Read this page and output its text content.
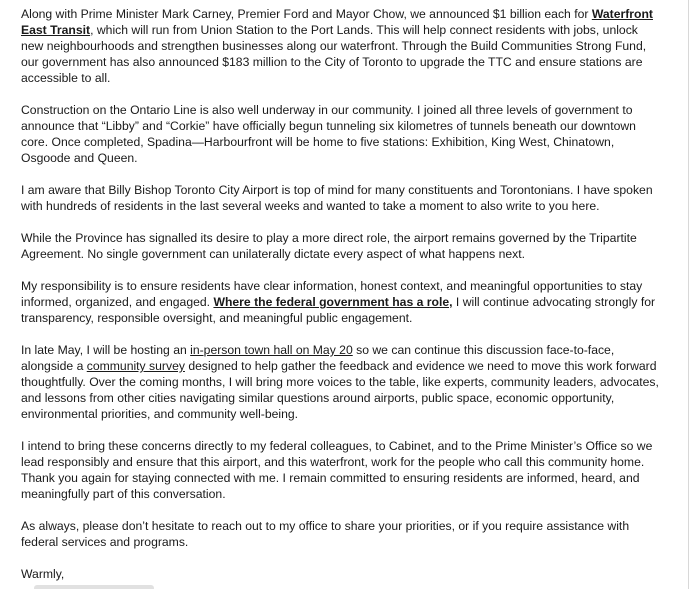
Along with Prime Minister Mark Carney, Premier Ford and Mayor Chow, we announced $1 billion each for Waterfront East Transit, which will run from Union Station to the Port Lands. This will help connect residents with jobs, unlock new neighbourhoods and strengthen businesses along our waterfront. Through the Build Communities Strong Fund, our government has also announced $183 million to the City of Toronto to upgrade the TTC and ensure stations are accessible to all.

Construction on the Ontario Line is also well underway in our community. I joined all three levels of government to announce that “Libby” and “Corkie” have officially begun tunneling six kilometres of tunnels beneath our downtown core. Once completed, Spadina—Harbourfront will be home to five stations: Exhibition, King West, Chinatown, Osgoode and Queen.

I am aware that Billy Bishop Toronto City Airport is top of mind for many constituents and Torontonians. I have spoken with hundreds of residents in the last several weeks and wanted to take a moment to also write to you here.

While the Province has signalled its desire to play a more direct role, the airport remains governed by the Tripartite Agreement. No single government can unilaterally dictate every aspect of what happens next.

My responsibility is to ensure residents have clear information, honest context, and meaningful opportunities to stay informed, organized, and engaged. Where the federal government has a role, I will continue advocating strongly for transparency, responsible oversight, and meaningful public engagement.

In late May, I will be hosting an in-person town hall on May 20 so we can continue this discussion face-to-face, alongside a community survey designed to help gather the feedback and evidence we need to move this work forward thoughtfully. Over the coming months, I will bring more voices to the table, like experts, community leaders, advocates, and lessons from other cities navigating similar questions around airports, public space, economic opportunity, environmental priorities, and community well-being.

I intend to bring these concerns directly to my federal colleagues, to Cabinet, and to the Prime Minister’s Office so we lead responsibly and ensure that this airport, and this waterfront, work for the people who call this community home. Thank you again for staying connected with me. I remain committed to ensuring residents are informed, heard, and meaningfully part of this conversation.

As always, please don’t hesitate to reach out to my office to share your priorities, or if you require assistance with federal services and programs.

Warmly,
